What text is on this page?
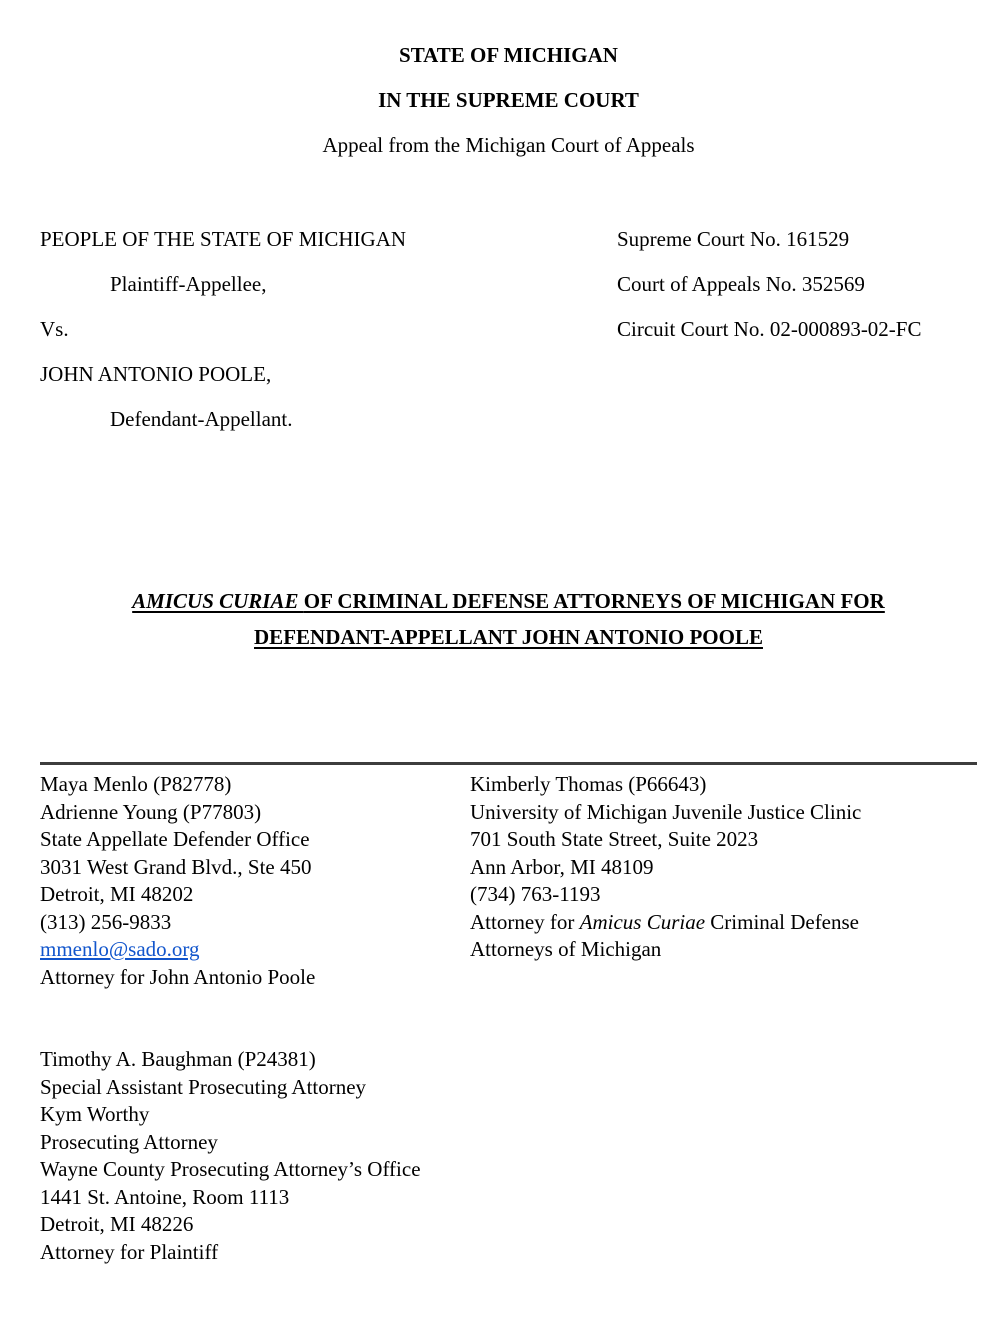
STATE OF MICHIGAN
IN THE SUPREME COURT
Appeal from the Michigan Court of Appeals
PEOPLE OF THE STATE OF MICHIGAN
Plaintiff-Appellee,
Vs.
JOHN ANTONIO POOLE,
Defendant-Appellant.
Supreme Court No. 161529
Court of Appeals No. 352569
Circuit Court No. 02-000893-02-FC
AMICUS CURIAE OF CRIMINAL DEFENSE ATTORNEYS OF MICHIGAN FOR
DEFENDANT-APPELLANT JOHN ANTONIO POOLE
Maya Menlo (P82778)
Adrienne Young (P77803)
State Appellate Defender Office
3031 West Grand Blvd., Ste 450
Detroit, MI 48202
(313) 256-9833
mmenlo@sado.org
Attorney for John Antonio Poole
Kimberly Thomas (P66643)
University of Michigan Juvenile Justice Clinic
701 South State Street, Suite 2023
Ann Arbor, MI 48109
(734) 763-1193
Attorney for Amicus Curiae Criminal Defense
Attorneys of Michigan
Timothy A. Baughman (P24381)
Special Assistant Prosecuting Attorney
Kym Worthy
Prosecuting Attorney
Wayne County Prosecuting Attorney’s Office
1441 St. Antoine, Room 1113
Detroit, MI 48226
Attorney for Plaintiff
